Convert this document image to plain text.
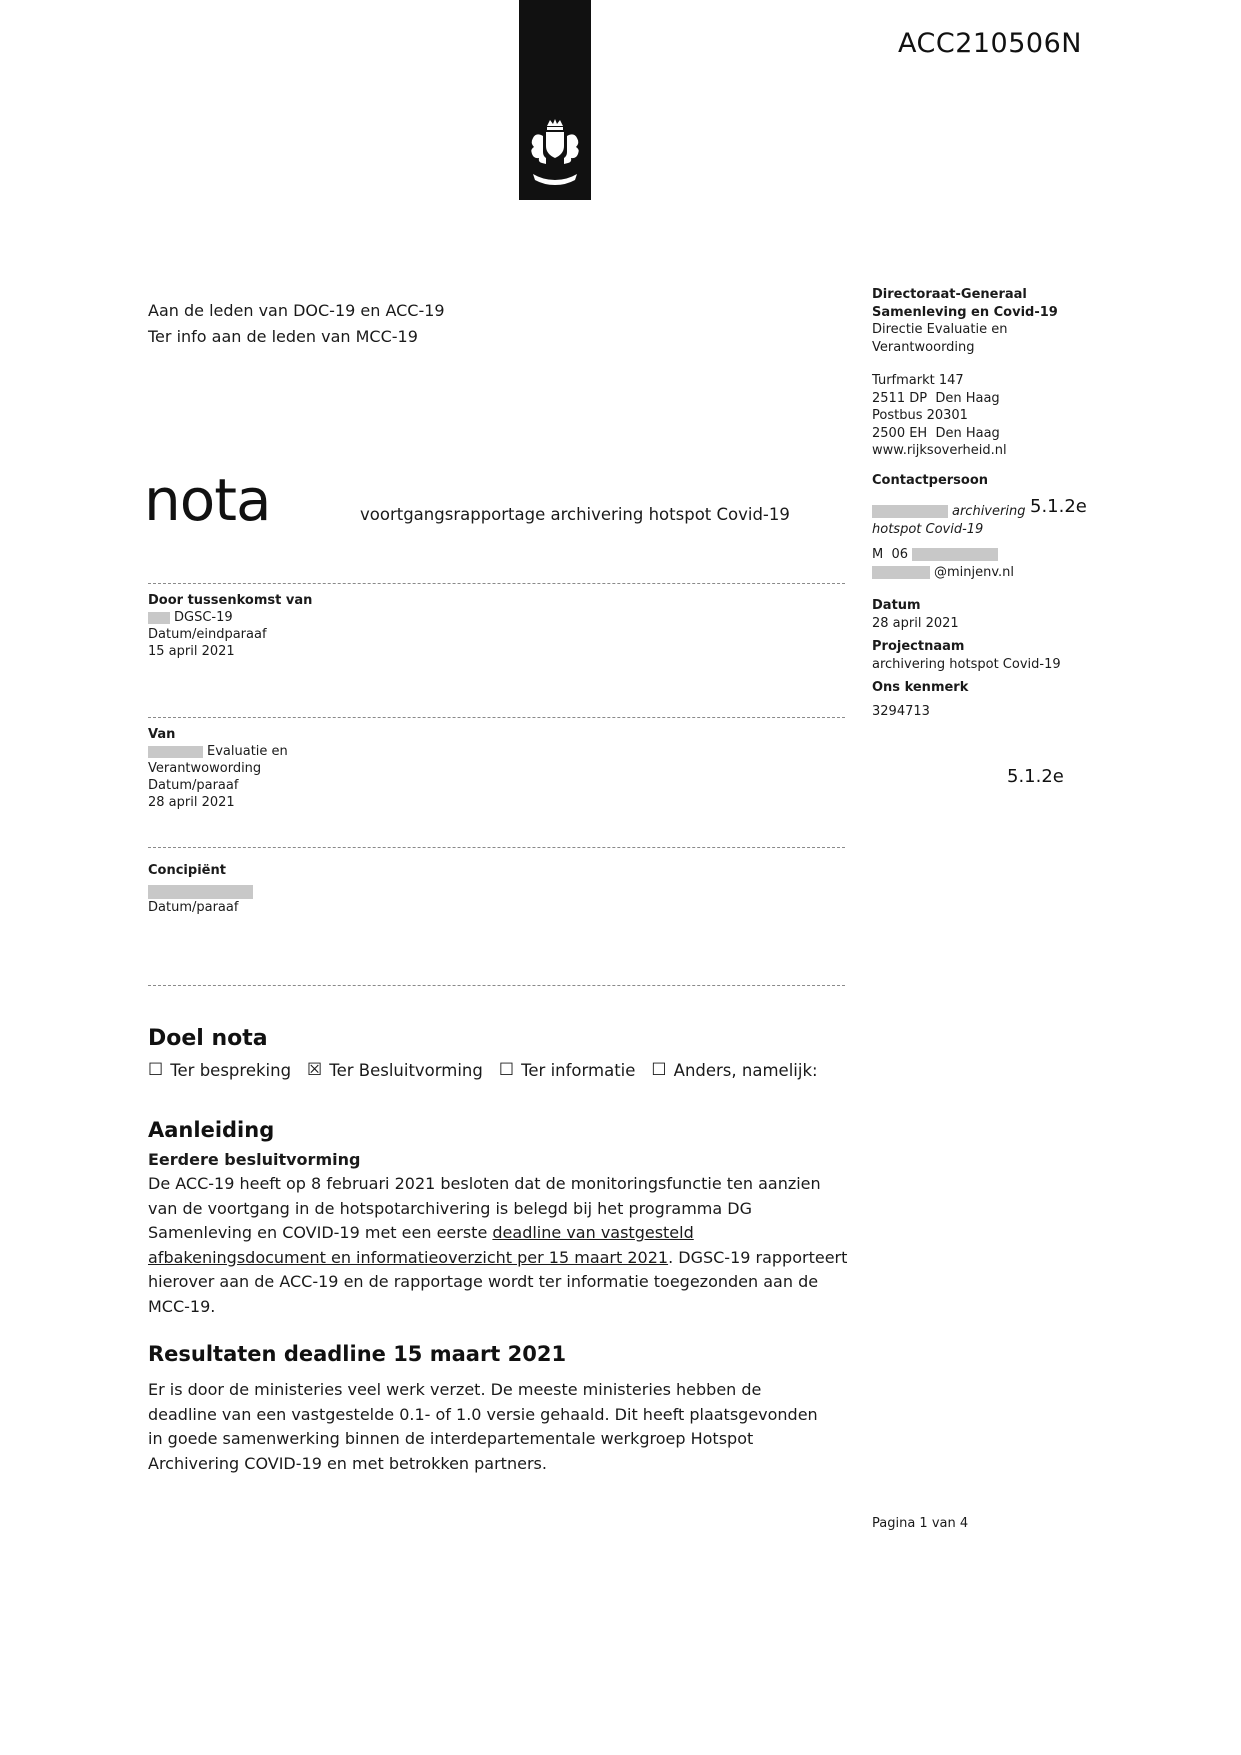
ACC210506N
Aan de leden van DOC-19 en ACC-19
Ter info aan de leden van MCC-19
nota	voortgangsrapportage archivering hotspot Covid-19
Directoraat-Generaal
Samenleving en Covid-19
Directie Evaluatie en
Verantwoording
Turfmarkt 147
2511 DP  Den Haag
Postbus 20301
2500 EH  Den Haag
www.rijksoverheid.nl
Contactpersoon
archivering
hotspot Covid-19
M  06
@minjenv.nl
Datum
28 april 2021
Projectnaam
archivering hotspot Covid-19
Ons kenmerk
3294713
5.1.2e
5.1.2e
Door tussenkomst van
DGSC-19
Datum/eindparaaf
15 april 2021
Van
Evaluatie en
Verantwowording
Datum/paraaf
28 april 2021
Concipiënt
Datum/paraaf
Doel nota
☐ Ter bespreking ☒ Ter Besluitvorming ☐ Ter informatie ☐ Anders, namelijk:
Aanleiding
Eerdere besluitvorming
De ACC-19 heeft op 8 februari 2021 besloten dat de monitoringsfunctie ten aanzien van de voortgang in de hotspotarchivering is belegd bij het programma DG Samenleving en COVID-19 met een eerste deadline van vastgesteld afbakeningsdocument en informatieoverzicht per 15 maart 2021. DGSC-19 rapporteert hierover aan de ACC-19 en de rapportage wordt ter informatie toegezonden aan de MCC-19.
Resultaten deadline 15 maart 2021
Er is door de ministeries veel werk verzet. De meeste ministeries hebben de deadline van een vastgestelde 0.1- of 1.0 versie gehaald. Dit heeft plaatsgevonden in goede samenwerking binnen de interdepartementale werkgroep Hotspot Archivering COVID-19 en met betrokken partners.
Pagina 1 van 4
